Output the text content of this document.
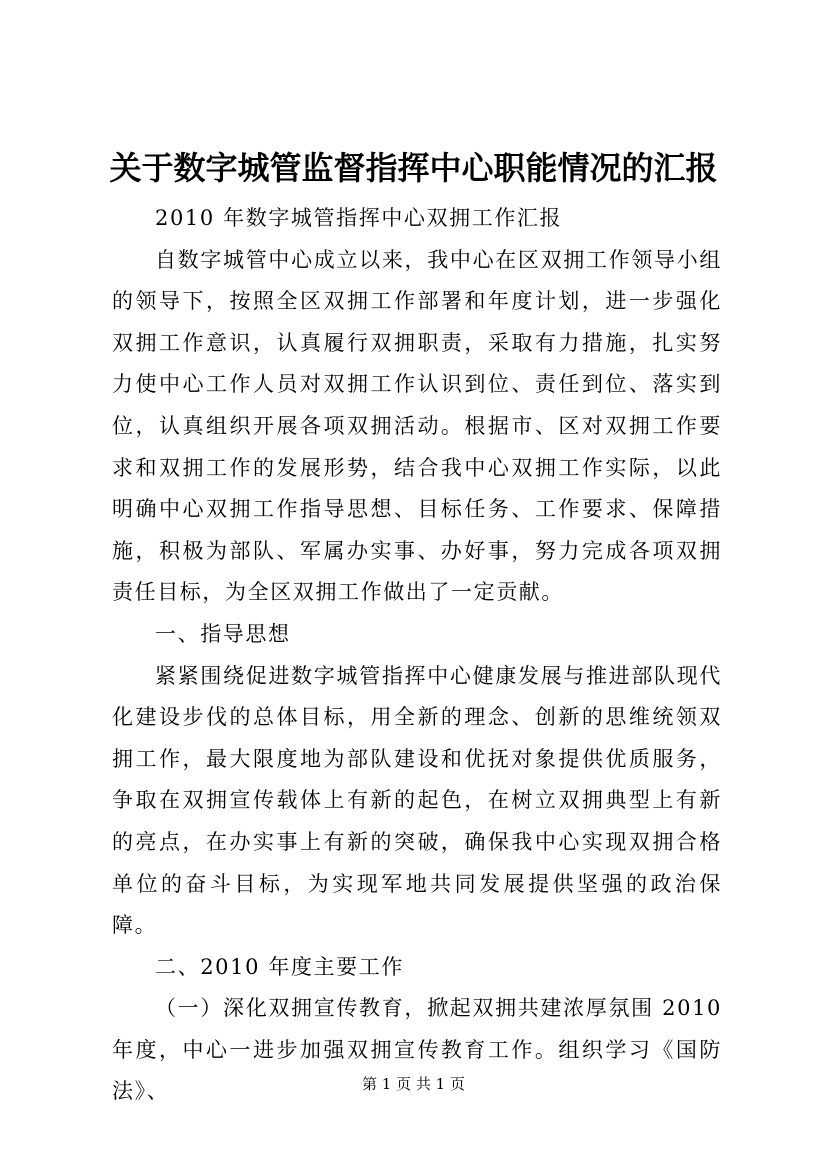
关于数字城管监督指挥中心职能情况的汇报

2010 年数字城管指挥中心双拥工作汇报

自数字城管中心成立以来，我中心在区双拥工作领导小组的领导下，按照全区双拥工作部署和年度计划，进一步强化双拥工作意识，认真履行双拥职责，采取有力措施，扎实努力使中心工作人员对双拥工作认识到位、责任到位、落实到位，认真组织开展各项双拥活动。根据市、区对双拥工作要求和双拥工作的发展形势，结合我中心双拥工作实际，以此明确中心双拥工作指导思想、目标任务、工作要求、保障措施，积极为部队、军属办实事、办好事，努力完成各项双拥责任目标，为全区双拥工作做出了一定贡献。

一、指导思想

紧紧围绕促进数字城管指挥中心健康发展与推进部队现代化建设步伐的总体目标，用全新的理念、创新的思维统领双拥工作，最大限度地为部队建设和优抚对象提供优质服务，争取在双拥宣传载体上有新的起色，在树立双拥典型上有新的亮点，在办实事上有新的突破，确保我中心实现双拥合格单位的奋斗目标，为实现军地共同发展提供坚强的政治保障。

二、2010 年度主要工作

（一）深化双拥宣传教育，掀起双拥共建浓厚氛围 2010 年度，中心一进步加强双拥宣传教育工作。组织学习《国防法》、	第 1 页 共 1 页
